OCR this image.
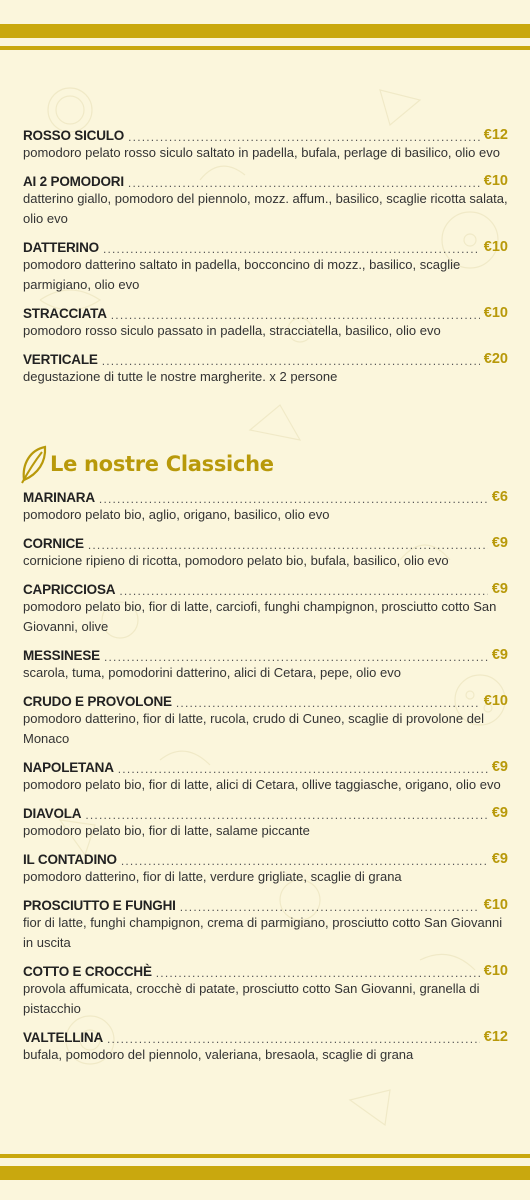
ROSSO SICULO .....	€12
pomodoro pelato rosso siculo saltato in padella, bufala, perlage di basilico, olio evo
AI 2 POMODORI .....	€10
datterino giallo, pomodoro del piennolo, mozz. affum., basilico, scaglie ricotta salata, olio evo
DATTERINO .....	€10
pomodoro datterino saltato in padella, bocconcino di mozz., basilico, scaglie parmigiano, olio evo
STRACCIATA .....	€10
pomodoro rosso siculo passato in padella, stracciatella, basilico, olio evo
VERTICALE .....	€20
degustazione di tutte le nostre margherite. x 2 persone
Le nostre Classiche
MARINARA .....	€6
pomodoro pelato bio, aglio, origano, basilico, olio evo
CORNICE .....	€9
cornicione ripieno di ricotta, pomodoro pelato bio, bufala, basilico, olio evo
CAPRICCIOSA .....	€9
pomodoro pelato bio, fior di latte, carciofi, funghi champignon, prosciutto cotto San Giovanni, olive
MESSINESE .....	€9
scarola, tuma, pomodorini datterino, alici di Cetara, pepe, olio evo
CRUDO E PROVOLONE .....	€10
pomodoro datterino, fior di latte, rucola, crudo di Cuneo, scaglie di provolone del Monaco
NAPOLETANA .....	€9
pomodoro pelato bio, fior di latte, alici di Cetara, ollive taggiasche, origano, olio evo
DIAVOLA .....	€9
pomodoro pelato bio, fior di latte, salame piccante
IL CONTADINO .....	€9
pomodoro datterino, fior di latte, verdure grigliate, scaglie di grana
PROSCIUTTO E FUNGHI .....	€10
fior di latte, funghi champignon, crema di parmigiano, prosciutto cotto San Giovanni in uscita
COTTO E CROCCHÈ .....	€10
provola affumicata, crocchè di patate, prosciutto cotto San Giovanni, granella di pistacchio
VALTELLINA .....	€12
bufala, pomodoro del piennolo, valeriana, bresaola, scaglie di grana
